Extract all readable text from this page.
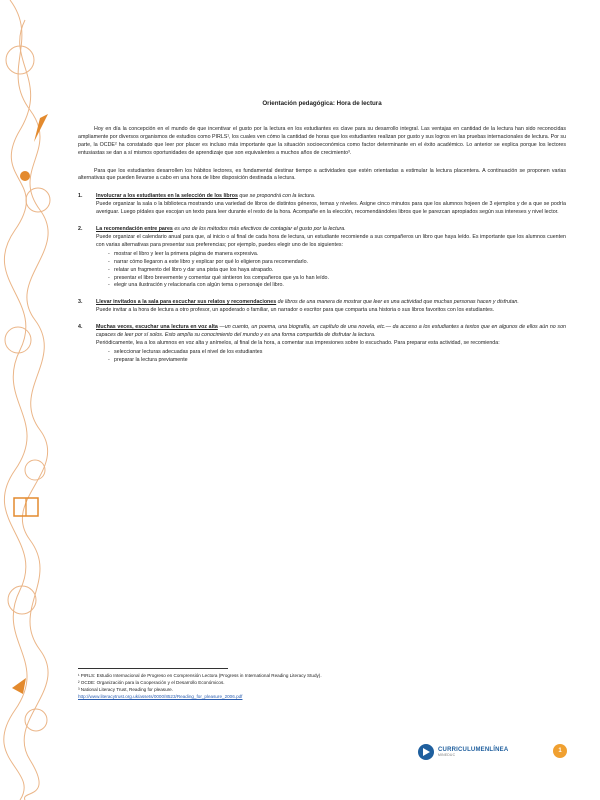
Orientación pedagógica: Hora de lectura

Hoy en día la concepción en el mundo de que incentivar el gusto por la lectura en los estudiantes es clave para su desarrollo integral. Las ventajas en cantidad de la lectura han sido reconocidas ampliamente por diversos organismos de estudios como PIRLS¹, los cuales ven cómo la cantidad de horas que los estudiantes realizan por gusto y sus logros en las pruebas internacionales de lectura. Por su parte, la OCDE² ha constatado que leer por placer es incluso más importante que la situación socioeconómica como factor determinante en el éxito académico. Lo anterior se explica porque los lectores entusiastas se dan a sí mismos oportunidades de aprendizaje que son equivalentes a muchos años de crecimiento³.

Para que los estudiantes desarrollen los hábitos lectores, es fundamental destinar tiempo a actividades que estén orientadas a estimular la lectura placentera. A continuación se proponen varias alternativas que pueden llevarse a cabo en una hora de libre disposición destinada a lectura.

1.	Involucrar a los estudiantes en la selección de los libros que se propondrá con la lectura.
Puede organizar la sala o la biblioteca mostrando una variedad de libros de distintos géneros, temas y niveles. Asigne cinco minutos para que los alumnos hojeen de 3 ejemplos y de a que se podría averiguar. Luego pídales que escojan un texto para leer durante el resto de la hora. Acompañe en la elección, recomendándoles libros que le parezcan apropiados según sus intereses y nivel lector.
2.	La recomendación entre pares es uno de los métodos más efectivos de contagiar el gusto por la lectura.
Puede organizar el calendario anual para que, al inicio o al final de cada hora de lectura, un estudiante recomiende a sus compañeros un libro que haya leído. Es importante que los alumnos cuenten con varias alternativas para presentar sus preferencias; por ejemplo, puedes elegir uno de los siguientes:
- mostrar el libro y leer la primera página de manera expresiva.
- narrar cómo llegaron a este libro y explicar por qué lo eligieron para recomendarlo.
- relatar un fragmento del libro y dar una pista que los haya atrapado.
- presentar el libro brevemente y comentar qué sintieron los compañeros que ya lo han leído.
- elegir una ilustración y relacionarla con algún tema o personaje del libro.
3.	Llevar invitados a la sala para escuchar sus relatos y recomendaciones de libros de una manera de mostrar que leer es una actividad que muchas personas hacen y disfrutan.
Puede invitar a la hora de lectura a otro profesor, un apoderado o familiar, un narrador o escritor para que comparta una historia o sus libros favoritos con los estudiantes.
4.	Muchas veces, escuchar una lectura en voz alta —un cuento, un poema, una biografía, un capítulo de una novela, etc.— da acceso a los estudiantes a textos que en algunos de ellos aún no son capaces de leer por sí solos. Esto amplía su conocimiento del mundo y es una forma compartida de disfrutar la lectura.
Periódicamente, lea a los alumnos en voz alta y anímelos, al final de la hora, a comentar sus impresiones sobre lo escuchado. Para preparar esta actividad, se recomienda:
- seleccionar lecturas adecuadas para el nivel de los estudiantes
- preparar la lectura previamente
¹ PIRLS: Estudio Internacional de Progreso en Comprensión Lectora (Progress in International Reading Literacy Study).
² OCDE: Organización para la Cooperación y el Desarrollo Económicos.
³ National Literacy Trust, Reading for pleasure.
http://www.literacytrust.org.uk/assets/0000/8523/Reading_for_pleasure_2006.pdf
CURRICULUMENLÍNEA
MINEDUC
1
